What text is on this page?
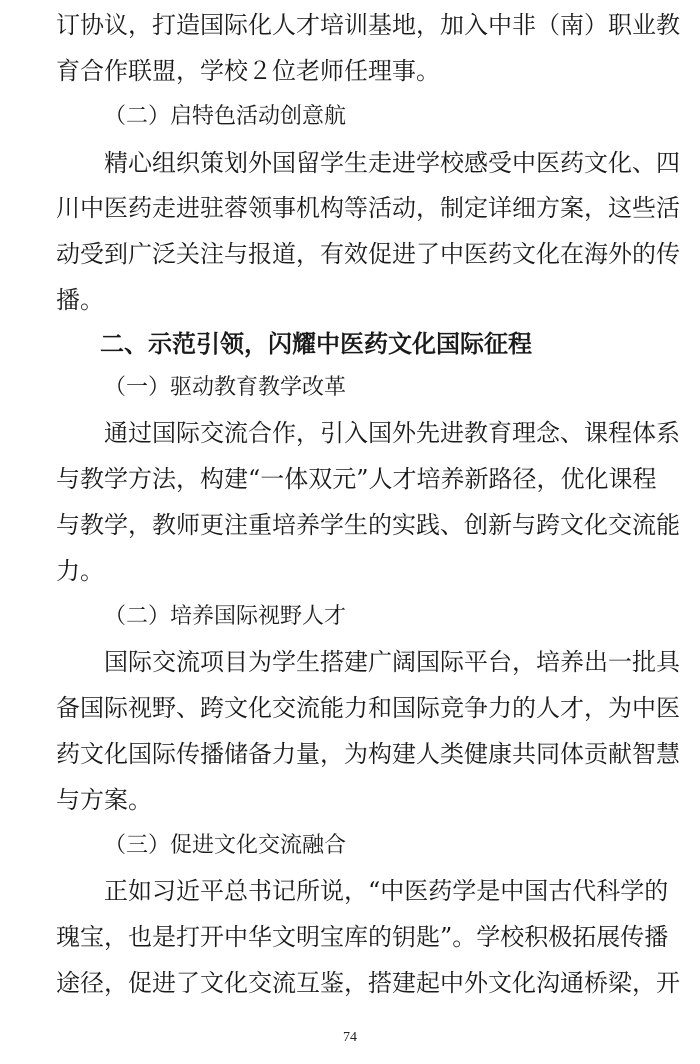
订协议，打造国际化人才培训基地，加入中非（南）职业教
育合作联盟，学校２位老师任理事。
（二）启特色活动创意航
　　精心组织策划外国留学生走进学校感受中医药文化、四
川中医药走进驻蓉领事机构等活动，制定详细方案，这些活
动受到广泛关注与报道，有效促进了中医药文化在海外的传
播。
二、示范引领，闪耀中医药文化国际征程
（一）驱动教育教学改革
　　通过国际交流合作，引入国外先进教育理念、课程体系
与教学方法，构建“一体双元”人才培养新路径，优化课程
与教学，教师更注重培养学生的实践、创新与跨文化交流能
力。
（二）培养国际视野人才
　　国际交流项目为学生搭建广阔国际平台，培养出一批具
备国际视野、跨文化交流能力和国际竞争力的人才，为中医
药文化国际传播储备力量，为构建人类健康共同体贡献智慧
与方案。
（三）促进文化交流融合
　　正如习近平总书记所说，“中医药学是中国古代科学的
瑰宝，也是打开中华文明宝库的钥匙”。学校积极拓展传播
途径，促进了文化交流互鉴，搭建起中外文化沟通桥梁，开
74
